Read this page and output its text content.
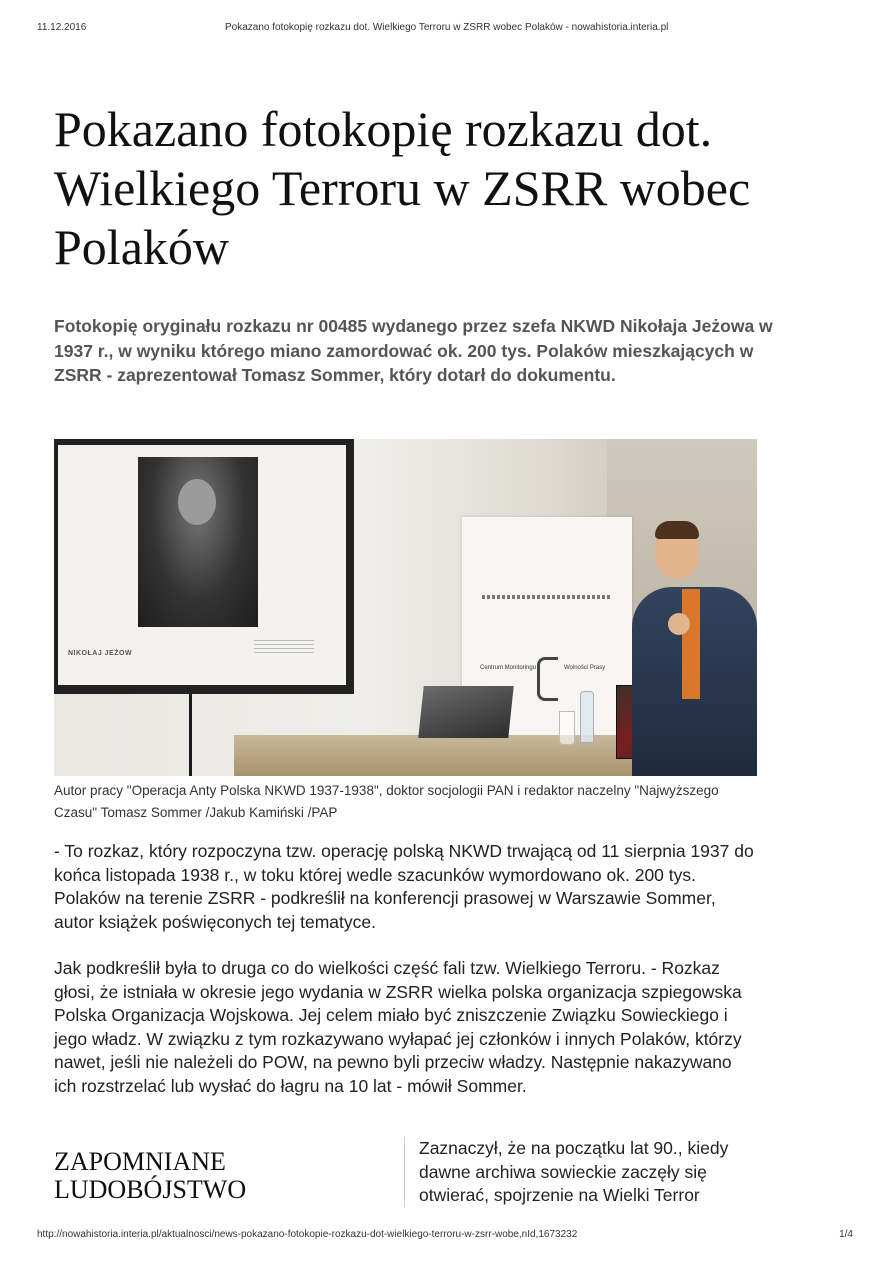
11.12.2016	Pokazano fotokopię rozkazu dot. Wielkiego Terroru w ZSRR wobec Polaków - nowahistoria.interia.pl
Pokazano fotokopię rozkazu dot. Wielkiego Terroru w ZSRR wobec Polaków

Fotokopię oryginału rozkazu nr 00485 wydanego przez szefa NKWD Nikołaja Jeżowa w 1937 r., w wyniku którego miano zamordować ok. 200 tys. Polaków mieszkających w ZSRR - zaprezentował Tomasz Sommer, który dotarł do dokumentu.

NIKOŁAJ JEŻOW
Centrum Monitoringu	Wolności Prasy

Autor pracy "Operacja Anty Polska NKWD 1937-1938", doktor socjologii PAN i redaktor naczelny "Najwyższego Czasu" Tomasz Sommer /Jakub Kamiński /PAP

- To rozkaz, który rozpoczyna tzw. operację polską NKWD trwającą od 11 sierpnia 1937 do końca listopada 1938 r., w toku której wedle szacunków wymordowano ok. 200 tys. Polaków na terenie ZSRR - podkreślił na konferencji prasowej w Warszawie Sommer, autor książek poświęconych tej tematyce.

Jak podkreślił była to druga co do wielkości część fali tzw. Wielkiego Terroru. - Rozkaz głosi, że istniała w okresie jego wydania w ZSRR wielka polska organizacja szpiegowska Polska Organizacja Wojskowa. Jej celem miało być zniszczenie Związku Sowieckiego i jego władz. W związku z tym rozkazywano wyłapać jej członków i innych Polaków, którzy nawet, jeśli nie należeli do POW, na pewno byli przeciw władzy. Następnie nakazywano ich rozstrzelać lub wysłać do łagru na 10 lat - mówił Sommer.

ZAPOMNIANE LUDOBÓJSTWO

Zaznaczył, że na początku lat 90., kiedy dawne archiwa sowieckie zaczęły się otwierać, spojrzenie na Wielki Terror

http://nowahistoria.interia.pl/aktualnosci/news-pokazano-fotokopie-rozkazu-dot-wielkiego-terroru-w-zsrr-wobe,nId,1673232	1/4
